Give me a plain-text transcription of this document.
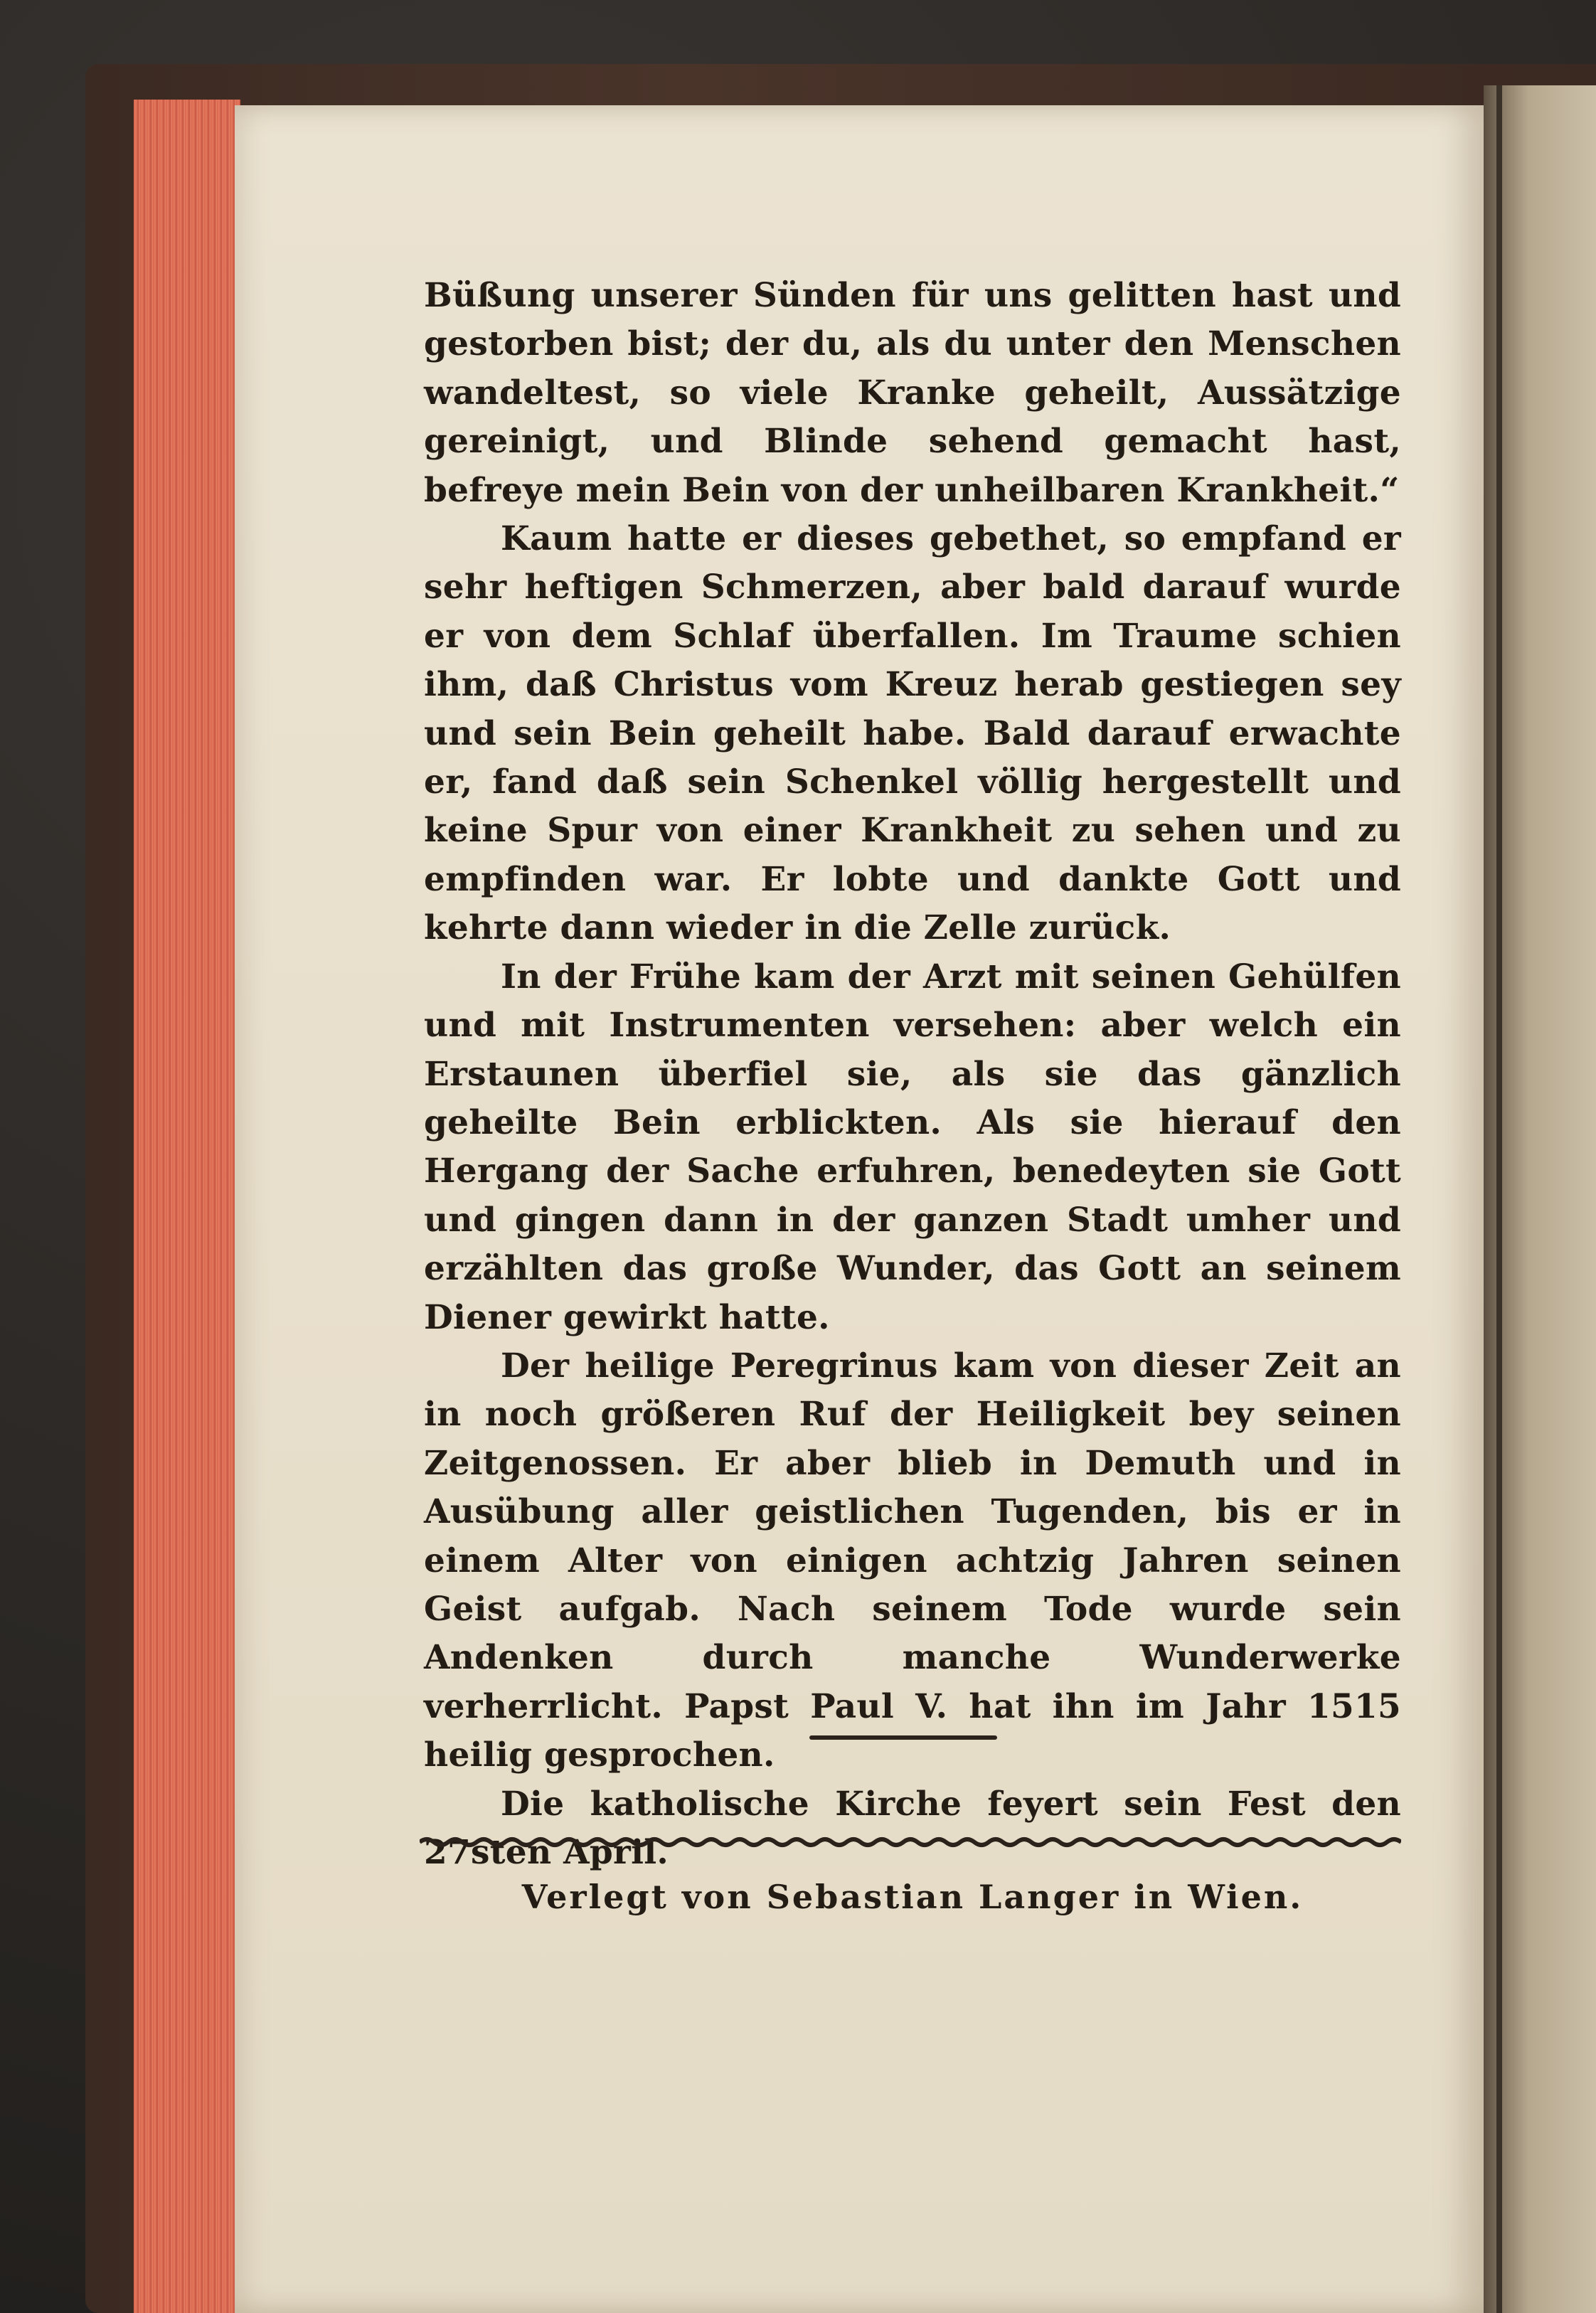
Büßung unserer Sünden für uns gelitten hast und gestorben bist; der du, als du unter den Menschen wandeltest, so viele Kranke geheilt, Aussätzige gereinigt, und Blinde sehend gemacht hast, befreye mein Bein von der unheilbaren Krankheit.“

Kaum hatte er dieses gebethet, so empfand er sehr heftigen Schmerzen, aber bald darauf wurde er von dem Schlaf überfallen. Im Traume schien ihm, daß Christus vom Kreuz herab gestiegen sey und sein Bein geheilt habe. Bald darauf erwachte er, fand daß sein Schenkel völlig hergestellt und keine Spur von einer Krankheit zu sehen und zu empfinden war. Er lobte und dankte Gott und kehrte dann wieder in die Zelle zurück.

In der Frühe kam der Arzt mit seinen Gehülfen und mit Instrumenten versehen: aber welch ein Erstaunen überfiel sie, als sie das gänzlich geheilte Bein erblickten. Als sie hierauf den Hergang der Sache erfuhren, benedeyten sie Gott und gingen dann in der ganzen Stadt umher und erzählten das große Wunder, das Gott an seinem Diener gewirkt hatte.

Der heilige Peregrinus kam von dieser Zeit an in noch größeren Ruf der Heiligkeit bey seinen Zeitgenossen. Er aber blieb in Demuth und in Ausübung aller geistlichen Tugenden, bis er in einem Alter von einigen achtzig Jahren seinen Geist aufgab. Nach seinem Tode wurde sein Andenken durch manche Wunderwerke verherrlicht. Papst Paul V. hat ihn im Jahr 1515 heilig gesprochen.

Die katholische Kirche feyert sein Fest den 27sten April.

Verlegt von Sebastian Langer in Wien.
